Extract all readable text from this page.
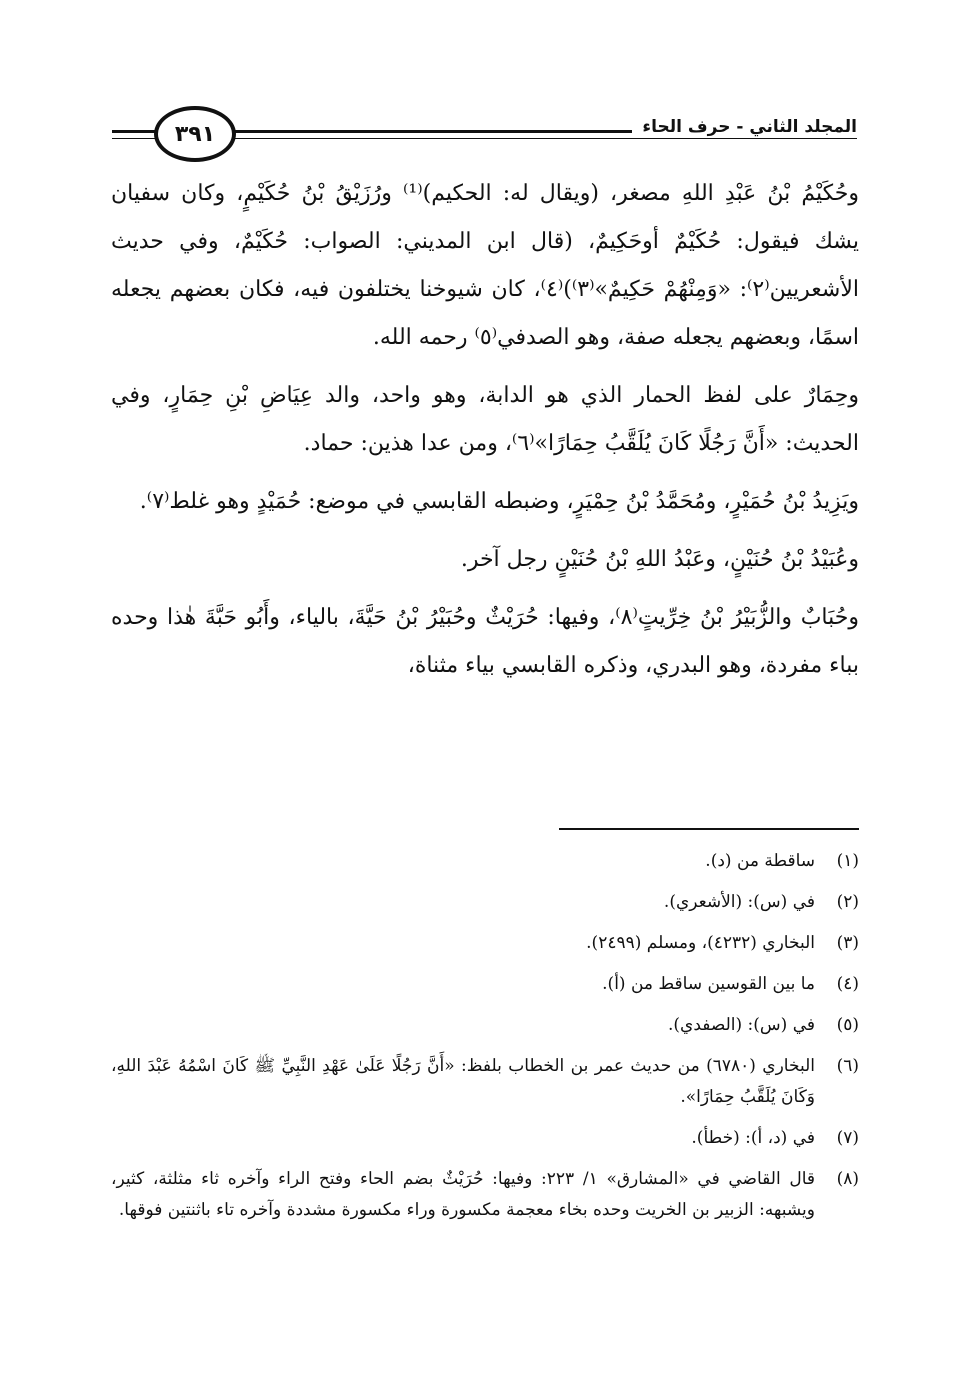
المجلد الثاني - حرف الحاء
٣٩١

وحُكَيْمُ بْنُ عَبْدِ اللهِ مصغر، (ويقال له: الحكيم)⁽¹⁾ ورُزَيْقُ بْنُ حُكَيْمٍ، وكان سفيان يشك فيقول: حُكَيْمٌ أوحَكِيمٌ، (قال ابن المديني: الصواب: حُكَيْمٌ، وفي حديث الأشعريين⁽٢⁾: «وَمِنْهُمْ حَكِيمٌ»⁽٣⁾)⁽٤⁾، كان شيوخنا يختلفون فيه، فكان بعضهم يجعله اسمًا، وبعضهم يجعله صفة، وهو الصدفي⁽٥⁾ رحمه الله.

وحِمَارٌ على لفظ الحمار الذي هو الدابة، وهو واحد، والد عِيَاضِ بْنِ حِمَارٍ، وفي الحديث: «أَنَّ رَجُلًا كَانَ يُلَقَّبُ حِمَارًا»⁽٦⁾، ومن عدا هذين: حماد.

ويَزِيدُ بْنُ حُمَيْرٍ، ومُحَمَّدُ بْنُ حِمْيَرٍ، وضبطه القابسي في موضع: حُمَيْدٍ وهو غلط⁽٧⁾.

وعُبَيْدُ بْنُ حُنَيْنٍ، وعَبْدُ اللهِ بْنُ حُنَيْنٍ رجل آخر.

وحُبَابٌ والزُّبَيْرُ بْنُ خِرِّيتٍ⁽٨⁾، وفيها: حُرَيْثٌ وحُبَيْرُ بْنُ حَيَّةَ، بالياء، وأَبُو حَبَّةَ هٰذا وحده بباء مفردة، وهو البدري، وذكره القابسي بياء مثناة،

(١)
ساقطة من (د).
(٢)
في (س): (الأشعري).
(٣)
البخاري (٤٢٣٢)، ومسلم (٢٤٩٩).
(٤)
ما بين القوسين ساقط من (أ).
(٥)
في (س): (الصفدي).
(٦)
البخاري (٦٧٨٠) من حديث عمر بن الخطاب بلفظ: «أَنَّ رَجُلًا عَلَىٰ عَهْدِ النَّبِيِّ ﷺ كَانَ اسْمُهُ عَبْدَ اللهِ، وَكَانَ يُلَقَّبُ حِمَارًا».
(٧)
في (د، أ): (خطأ).
(٨)
قال القاضي في «المشارق» ١/ ٢٢٣: وفيها: حُرَيْثٌ بضم الحاء وفتح الراء وآخره ثاء مثلثة، كثير، ويشبهه: الزبير بن الخريت وحده بخاء معجمة مكسورة وراء مكسورة مشددة وآخره تاء باثنتين فوقها.
